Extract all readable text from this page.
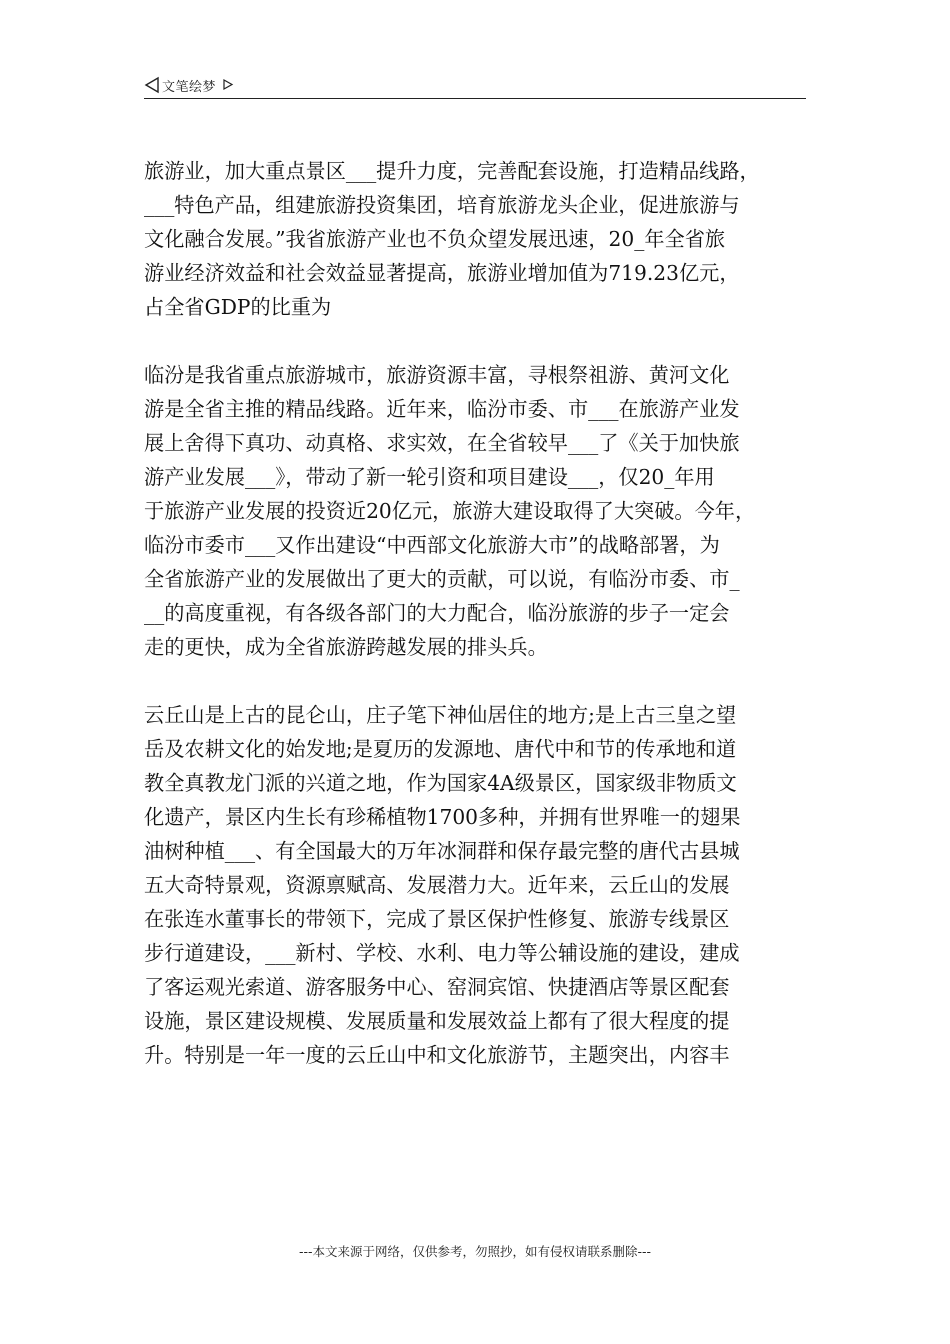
文笔绘梦
旅游业，加大重点景区___提升力度，完善配套设施，打造精品线路，
___特色产品，组建旅游投资集团，培育旅游龙头企业，促进旅游与
文化融合发展。”我省旅游产业也不负众望发展迅速，20_年全省旅
游业经济效益和社会效益显著提高，旅游业增加值为719.23亿元，
占全省GDP的比重为
临汾是我省重点旅游城市，旅游资源丰富，寻根祭祖游、黄河文化
游是全省主推的精品线路。近年来，临汾市委、市___在旅游产业发
展上舍得下真功、动真格、求实效，在全省较早___了《关于加快旅
游产业发展___》，带动了新一轮引资和项目建设___，仅20_年用
于旅游产业发展的投资近20亿元，旅游大建设取得了大突破。今年，
临汾市委市___又作出建设“中西部文化旅游大市”的战略部署，为
全省旅游产业的发展做出了更大的贡献，可以说，有临汾市委、市_
__的高度重视，有各级各部门的大力配合，临汾旅游的步子一定会
走的更快，成为全省旅游跨越发展的排头兵。
云丘山是上古的昆仑山，庄子笔下神仙居住的地方;是上古三皇之望
岳及农耕文化的始发地;是夏历的发源地、唐代中和节的传承地和道
教全真教龙门派的兴道之地，作为国家4A级景区，国家级非物质文
化遗产，景区内生长有珍稀植物1700多种，并拥有世界唯一的翅果
油树种植___、有全国最大的万年冰洞群和保存最完整的唐代古县城
五大奇特景观，资源禀赋高、发展潜力大。近年来，云丘山的发展
在张连水董事长的带领下，完成了景区保护性修复、旅游专线景区
步行道建设，___新村、学校、水利、电力等公辅设施的建设，建成
了客运观光索道、游客服务中心、窑洞宾馆、快捷酒店等景区配套
设施，景区建设规模、发展质量和发展效益上都有了很大程度的提
升。特别是一年一度的云丘山中和文化旅游节，主题突出，内容丰
---本文来源于网络，仅供参考，勿照抄，如有侵权请联系删除---
